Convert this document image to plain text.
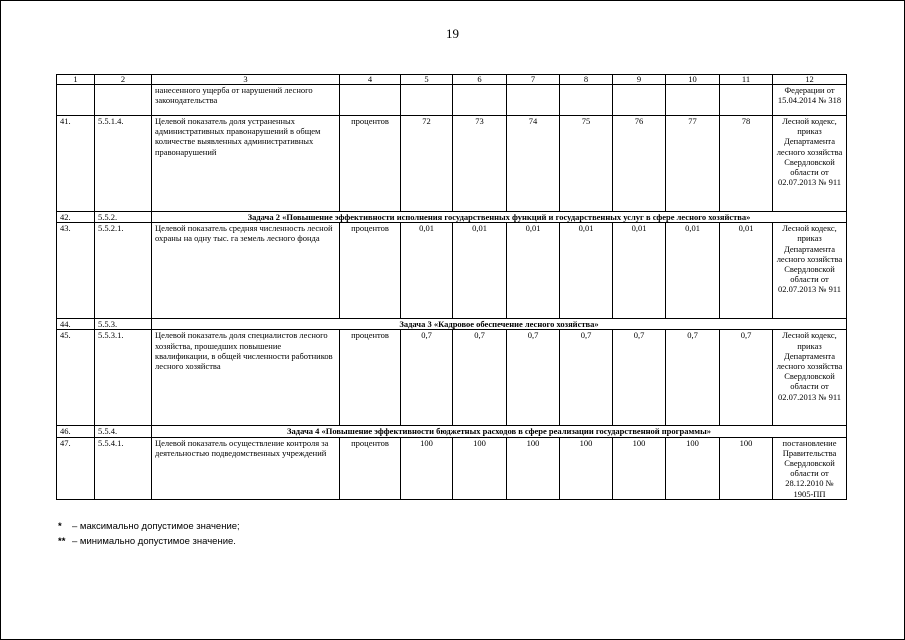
19
1	2	3	4	5	6	7	8	9	10	11	12
		нанесенного ущерба от нарушений лесного законодательства									Федерации от 15.04.2014 № 318
41.	5.5.1.4.	Целевой показатель доля устраненных административных правонарушений в общем количестве выявленных административных правонарушений	процентов	72	73	74	75	76	77	78	Лесной кодекс, приказ Департамента лесного хозяйства Свердловской области от 02.07.2013 № 911
42.	5.5.2.	Задача 2 «Повышение эффективности исполнения государственных функций и государственных услуг в сфере лесного хозяйства»									
43.	5.5.2.1.	Целевой показатель средняя численность лесной охраны на одну тыс. га земель лесного фонда	процентов	0,01	0,01	0,01	0,01	0,01	0,01	0,01	Лесной кодекс, приказ Департамента лесного хозяйства Свердловской области от 02.07.2013 № 911
44.	5.5.3.	Задача 3 «Кадровое обеспечение лесного хозяйства»									
45.	5.5.3.1.	Целевой показатель доля специалистов лесного хозяйства, прошедших повышение квалификации, в общей численности работников лесного хозяйства	процентов	0,7	0,7	0,7	0,7	0,7	0,7	0,7	Лесной кодекс, приказ Департамента лесного хозяйства Свердловской области от 02.07.2013 № 911
46.	5.5.4.	Задача 4 «Повышение эффективности бюджетных расходов в сфере реализации государственной программы»									
47.	5.5.4.1.	Целевой показатель осуществление контроля за деятельностью подведомственных учреждений	процентов	100	100	100	100	100	100	100	постановление Правительства Свердловской области от 28.12.2010 № 1905-ПП
* – максимально допустимое значение;
** – минимально допустимое значение.
